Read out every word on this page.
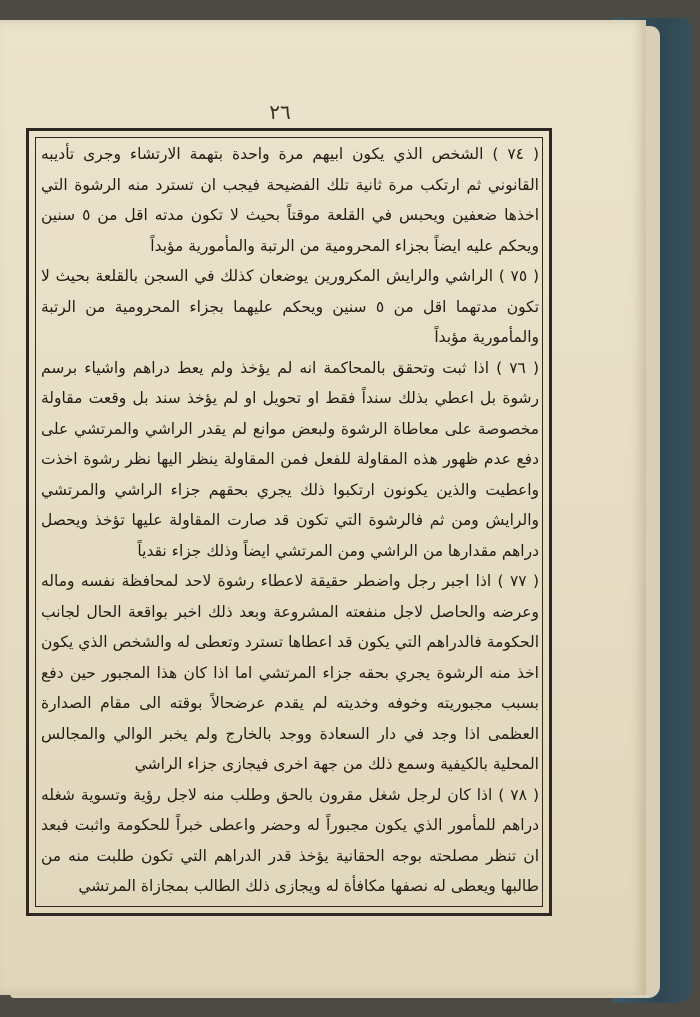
٢٦

( ٧٤ ) الشخص الذي يكون ابيهم مرة واحدة بتهمة الارتشاء وجرى تأديبه القانوني ثم ارتكب مرة ثانية تلك الفضيحة فيجب ان تسترد منه الرشوة التي اخذها ضعفين ويحبس في القلعة موقتاً بحيث لا تكون مدته اقل من ٥ سنين ويحكم عليه ايضاً بجزاء المحرومية من الرتبة والمأمورية مؤبداً

( ٧٥ ) الراشي والرايش المكرورين يوضعان كذلك في السجن بالقلعة بحيث لا تكون مدتهما اقل من ٥ سنين ويحكم عليهما بجزاء المحرومية من الرتبة والمأمورية مؤبداً

( ٧٦ ) اذا ثبت وتحقق بالمحاكمة انه لم يؤخذ ولم يعط دراهم واشياء برسم رشوة بل اعطي بذلك سنداً فقط او تحويل او لم يؤخذ سند بل وقعت مقاولة مخصوصة على معاطاة الرشوة ولبعض موانع لم يقدر الراشي والمرتشي على دفع عدم ظهور هذه المقاولة للفعل فمن المقاولة ينظر اليها نظر رشوة اخذت واعطيت والذين يكونون ارتكبوا ذلك يجري بحقهم جزاء الراشي والمرتشي والرايش ومن ثم فالرشوة التي تكون قد صارت المقاولة عليها تؤخذ ويحصل دراهم مقدارها من الراشي ومن المرتشي ايضاً وذلك جزاء نقدياً

( ٧٧ ) اذا اجبر رجل واضطر حقيقة لاعطاء رشوة لاحد لمحافظة نفسه وماله وعرضه والحاصل لاجل منفعته المشروعة وبعد ذلك اخبر بواقعة الحال لجانب الحكومة فالدراهم التي يكون قد اعطاها تسترد وتعطى له والشخص الذي يكون اخذ منه الرشوة يجري بحقه جزاء المرتشي اما اذا كان هذا المجبور حين دفع بسبب مجبوريته وخوفه وخديته لم يقدم عرضحالاً بوقته الى مقام الصدارة العظمى اذا وجد في دار السعادة ووجد بالخارج ولم يخبر الوالي والمجالس المحلية بالكيفية وسمع ذلك من جهة اخرى فيجازى جزاء الراشي

( ٧٨ ) اذا كان لرجل شغل مقرون بالحق وطلب منه لاجل رؤية وتسوية شغله دراهم للمأمور الذي يكون مجبوراً له وحضر واعطى خبراً للحكومة واثبت فبعد ان تنظر مصلحته بوجه الحقانية يؤخذ قدر الدراهم التي تكون طلبت منه من طالبها ويعطى له نصفها مكافأة له ويجازى ذلك الطالب بمجازاة المرتشي
